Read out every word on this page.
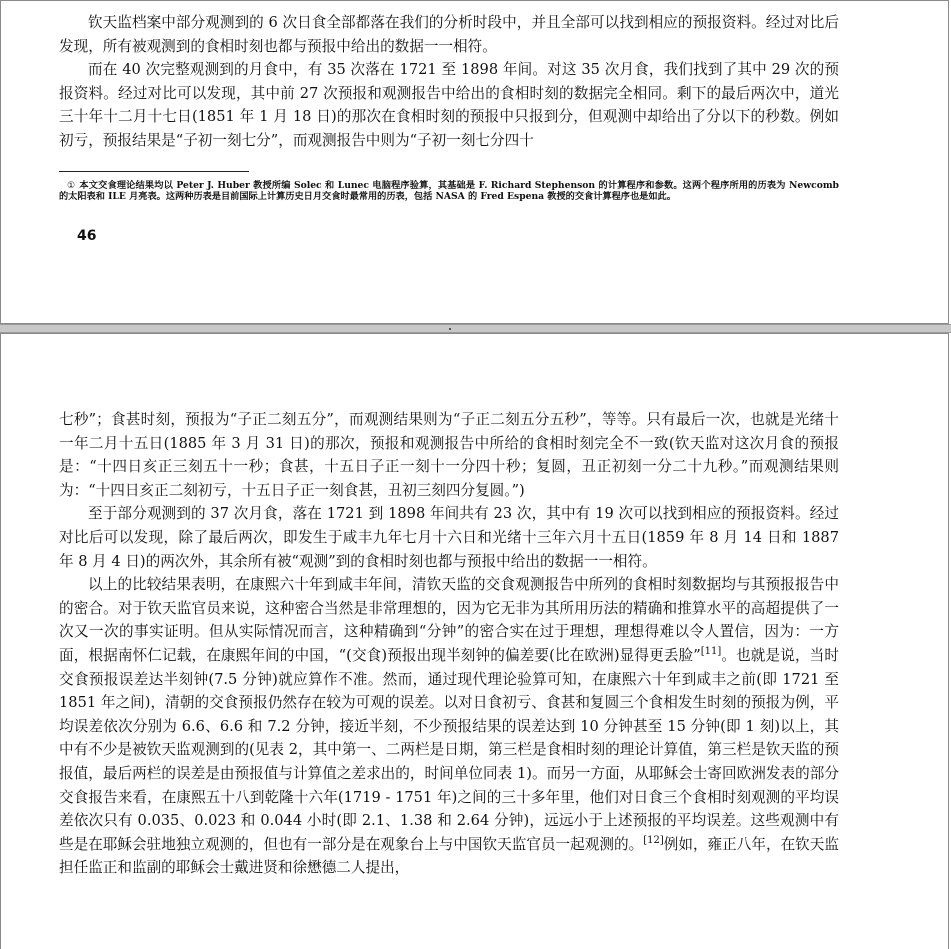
钦天监档案中部分观测到的 6 次日食全部都落在我们的分析时段中，并且全部可以找到相应的预报资料。经过对比后发现，所有被观测到的食相时刻也都与预报中给出的数据一一相符。

而在 40 次完整观测到的月食中，有 35 次落在 1721 至 1898 年间。对这 35 次月食，我们找到了其中 29 次的预报资料。经过对比可以发现，其中前 27 次预报和观测报告中给出的食相时刻的数据完全相同。剩下的最后两次中，道光三十年十二月十七日(1851 年 1 月 18 日)的那次在食相时刻的预报中只报到分，但观测中却给出了分以下的秒数。例如初亏，预报结果是“子初一刻七分”，而观测报告中则为“子初一刻七分四十

① 本文交食理论结果均以 Peter J. Huber 教授所编 Solec 和 Lunec 电脑程序验算，其基础是 F. Richard Stephenson 的计算程序和参数。这两个程序所用的历表为 Newcomb 的太阳表和 ILE 月亮表。这两种历表是目前国际上计算历史日月交食时最常用的历表，包括 NASA 的 Fred Espena 教授的交食计算程序也是如此。
46

七秒”；食甚时刻，预报为“子正二刻五分”，而观测结果则为“子正二刻五分五秒”，等等。只有最后一次，也就是光绪十一年二月十五日(1885 年 3 月 31 日)的那次，预报和观测报告中所给的食相时刻完全不一致(钦天监对这次月食的预报是：“十四日亥正三刻五十一秒；食甚，十五日子正一刻十一分四十秒；复圆，丑正初刻一分二十九秒。”而观测结果则为：“十四日亥正二刻初亏，十五日子正一刻食甚，丑初三刻四分复圆。”)

至于部分观测到的 37 次月食，落在 1721 到 1898 年间共有 23 次，其中有 19 次可以找到相应的预报资料。经过对比后可以发现，除了最后两次，即发生于咸丰九年七月十六日和光绪十三年六月十五日(1859 年 8 月 14 日和 1887 年 8 月 4 日)的两次外，其余所有被“观测”到的食相时刻也都与预报中给出的数据一一相符。

以上的比较结果表明，在康熙六十年到咸丰年间，清钦天监的交食观测报告中所列的食相时刻数据均与其预报报告中的密合。对于钦天监官员来说，这种密合当然是非常理想的，因为它无非为其所用历法的精确和推算水平的高超提供了一次又一次的事实证明。但从实际情况而言，这种精确到“分钟”的密合实在过于理想，理想得难以令人置信，因为：一方面，根据南怀仁记载，在康熙年间的中国，“(交食)预报出现半刻钟的偏差要(比在欧洲)显得更丢脸”[11]。也就是说，当时交食预报误差达半刻钟(7.5 分钟)就应算作不准。然而，通过现代理论验算可知，在康熙六十年到咸丰之前(即 1721 至 1851 年之间)，清朝的交食预报仍然存在较为可观的误差。以对日食初亏、食甚和复圆三个食相发生时刻的预报为例，平均误差依次分别为 6.6、6.6 和 7.2 分钟，接近半刻，不少预报结果的误差达到 10 分钟甚至 15 分钟(即 1 刻)以上，其中有不少是被钦天监观测到的(见表 2，其中第一、二两栏是日期，第三栏是食相时刻的理论计算值，第三栏是钦天监的预报值，最后两栏的误差是由预报值与计算值之差求出的，时间单位同表 1)。而另一方面，从耶稣会士寄回欧洲发表的部分交食报告来看，在康熙五十八到乾隆十六年(1719 - 1751 年)之间的三十多年里，他们对日食三个食相时刻观测的平均误差依次只有 0.035、0.023 和 0.044 小时(即 2.1、1.38 和 2.64 分钟)，远远小于上述预报的平均误差。这些观测中有些是在耶稣会驻地独立观测的，但也有一部分是在观象台上与中国钦天监官员一起观测的。[12]例如，雍正八年，在钦天监担任监正和监副的耶稣会士戴进贤和徐懋德二人提出，
